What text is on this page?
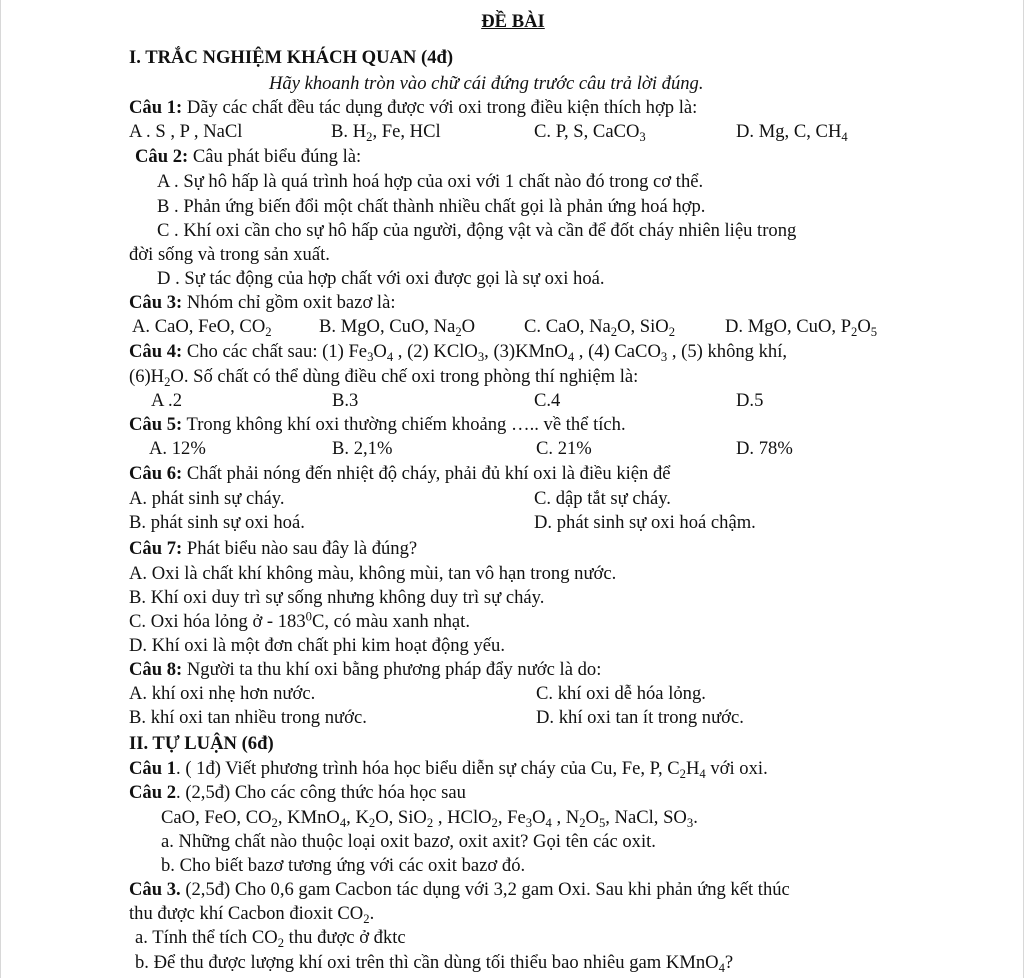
ĐỀ BÀI
I. TRẮC NGHIỆM KHÁCH QUAN (4đ)
Hãy khoanh tròn vào chữ cái đứng trước câu trả lời đúng.
Câu 1: Dãy các chất đều tác dụng được với oxi trong điều kiện thích hợp là:
A . S , P , NaCl	B. $H_2$, Fe, HCl	C. P, S, CaCO$_3$	D. Mg, C, $CH_4$
Câu 2: Câu phát biểu đúng là:
A . Sự hô hấp là quá trình hoá hợp của oxi với 1 chất nào đó trong cơ thể.
B . Phản ứng biến đổi một chất thành nhiều chất gọi là phản ứng hoá hợp.
C . Khí oxi cần cho sự hô hấp của người, động vật và cần để đốt cháy nhiên liệu trong
đời sống và trong sản xuất.
D . Sự tác động của hợp chất với oxi được gọi là sự oxi hoá.
Câu 3: Nhóm chỉ gồm oxit bazơ là:
A. CaO, FeO, $CO_2$	B. MgO, CuO, $Na_2O$	C. CaO, $Na_2O$, SiO$_2$	D. MgO, CuO, $P_2O_5$
Câu 4: Cho các chất sau: (1) $Fe_3O_4$ , (2) KClO$_3$, (3)KMnO$_4$ , (4) CaCO$_3$ , (5) không khí,
$(6)H_2O$. Số chất có thể dùng điều chế oxi trong phòng thí nghiệm là:
A .2	B.3	C.4	D.5
Câu 5: Trong không khí oxi thường chiếm khoảng ….. về thể tích.
A. 12%	B. 2,1%	C. 21%	D. 78%
Câu 6: Chất phải nóng đến nhiệt độ cháy, phải đủ khí oxi là điều kiện để
A. phát sinh sự cháy.	C. dập tắt sự cháy.
B. phát sinh sự oxi hoá.	D. phát sinh sự oxi hoá chậm.
Câu 7: Phát biểu nào sau đây là đúng?
A. Oxi là chất khí không màu, không mùi, tan vô hạn trong nước.
B. Khí oxi duy trì sự sống nhưng không duy trì sự cháy.
C. Oxi hóa lỏng ở - $183^0C$, có màu xanh nhạt.
D. Khí oxi là một đơn chất phi kim hoạt động yếu.
Câu 8: Người ta thu khí oxi bằng phương pháp đẩy nước là do:
A. khí oxi nhẹ hơn nước.	C. khí oxi dễ hóa lỏng.
B. khí oxi tan nhiều trong nước.	D. khí oxi tan ít trong nước.
II. TỰ LUẬN (6đ)
Câu 1. ( 1đ) Viết phương trình hóa học biểu diễn sự cháy của Cu, Fe, P, $C_2H_4$ với oxi.
Câu 2. (2,5đ) Cho các công thức hóa học sau
CaO, FeO, $CO_2$, KMnO$_4$, $K_2O$, SiO$_2$ , HClO$_2$, $Fe_3O_4$ , $N_2O_5$, NaCl, $SO_3$.
a. Những chất nào thuộc loại oxit bazơ, oxit axit? Gọi tên các oxit.
b. Cho biết bazơ tương ứng với các oxit bazơ đó.
Câu 3. (2,5đ) Cho 0,6 gam Cacbon tác dụng với 3,2 gam Oxi. Sau khi phản ứng kết thúc
thu được khí Cacbon đioxit $CO_2$.
a. Tính thể tích $CO_2$ thu được ở đktc
b. Để thu được lượng khí oxi trên thì cần dùng tối thiểu bao nhiêu gam KMnO$_4$?
